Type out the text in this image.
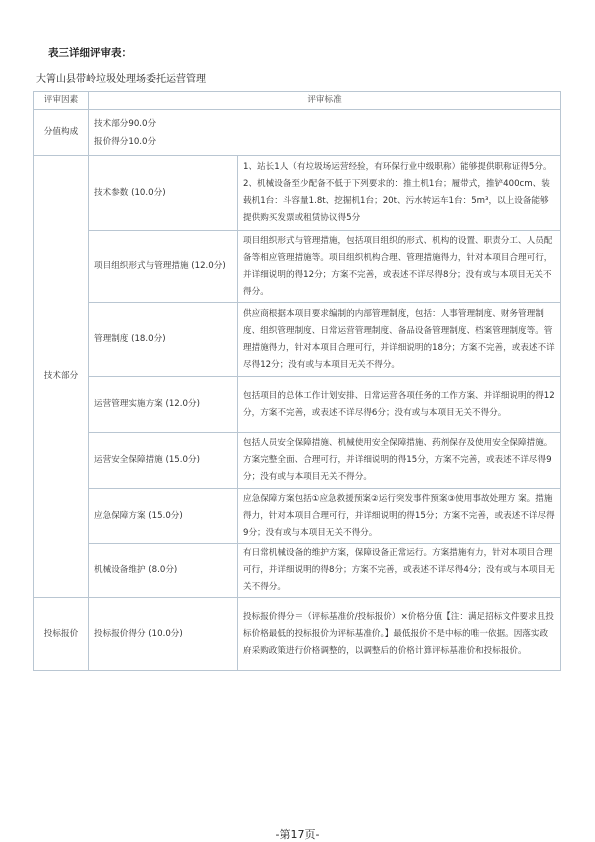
表三详细评审表：
大箐山县带岭垃圾处理场委托运营管理
评审因素	评审标准	
分值构成	技术部分90.0分
报价得分10.0分	

技术部分	技术参数 (10.0分)	1、站长1人（有垃圾场运营经验，有环保行业中级职称）能够提供职称证得5分。 2、机械设备至少配备不低于下列要求的：推土机1台；履带式，推铲400cm、装载机1台：斗容量1.8t、挖掘机1台；20t、污水转运车1台：5m³，以上设备能够提供购买发票或租赁协议得5分
	项目组织形式与管理措施 (12.0分)	项目组织形式与管理措施，包括项目组织的形式、机构的设置、职责分工、人员配备等相应管理措施等。项目组织机构合理、管理措施得力，针对本项目合理可行，并详细说明的得12分；方案不完善，或表述不详尽得8分；没有或与本项目无关不得分。
	管理制度 (18.0分)	供应商根据本项目要求编制的内部管理制度，包括：人事管理制度、财务管理制度、组织管理制度、日常运营管理制度、备品设备管理制度、档案管理制度等。管理措施得力，针对本项目合理可行，并详细说明的18分；方案不完善，或表述不详尽得12分；没有或与本项目无关不得分。
	运营管理实施方案 (12.0分)	包括项目的总体工作计划安排、日常运营各项任务的工作方案、并详细说明的得12分，方案不完善，或表述不详尽得6分；没有或与本项目无关不得分。
	运营安全保障措施 (15.0分)	包括人员安全保障措施、机械使用安全保障措施、药剂保存及使用安全保障措施。方案完整全面、合理可行，并详细说明的得15分，方案不完善，或表述不详尽得9分；没有或与本项目无关不得分。
	应急保障方案 (15.0分)	应急保障方案包括①应急救援预案②运行突发事件预案③使用事故处理方 案。措施得力，针对本项目合理可行，并详细说明的得15分；方案不完善，或表述不详尽得9分；没有或与本项目无关不得分。
	机械设备维护 (8.0分)	有日常机械设备的维护方案，保障设备正常运行。方案措施有力，针对本项目合理可行，并详细说明的得8分；方案不完善，或表述不详尽得4分；没有或与本项目无关不得分。
投标报价	投标报价得分 (10.0分)	投标报价得分＝（评标基准价/投标报价）×价格分值【注：满足招标文件要求且投标价格最低的投标报价为评标基准价。】最低报价不是中标的唯一依据。因落实政府采购政策进行价格调整的，以调整后的价格计算评标基准价和投标报价。
-第17页-
